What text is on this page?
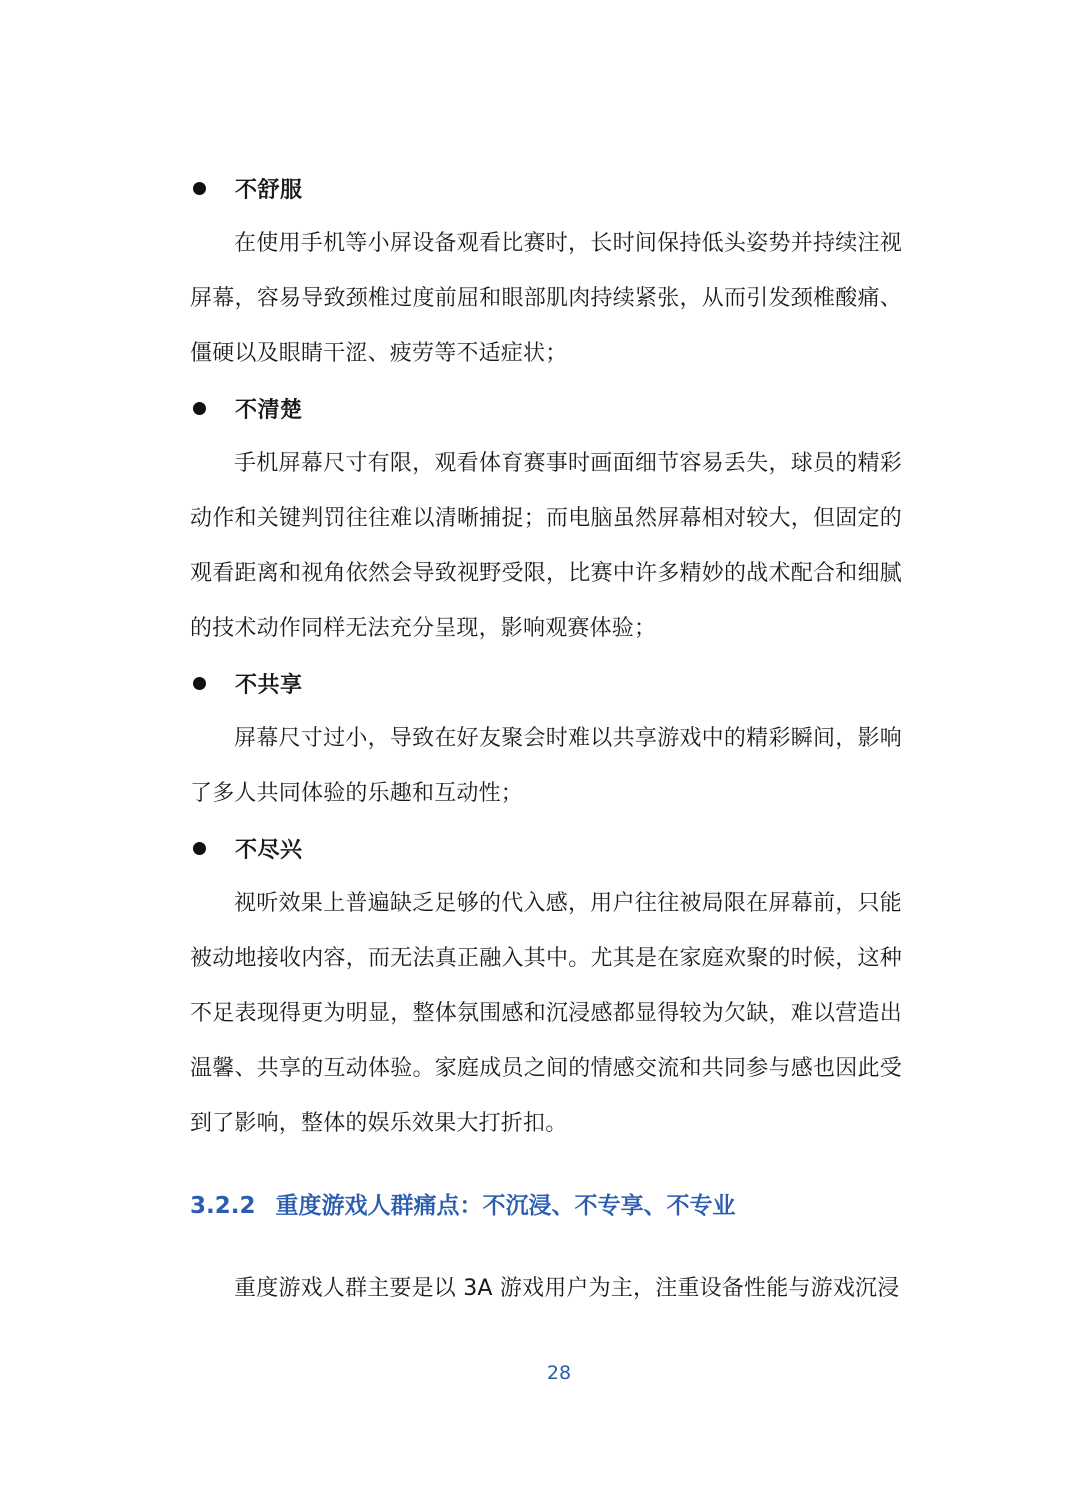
不舒服

在使用手机等小屏设备观看比赛时，长时间保持低头姿势并持续注视屏幕，容易导致颈椎过度前屈和眼部肌肉持续紧张，从而引发颈椎酸痛、僵硬以及眼睛干涩、疲劳等不适症状；

不清楚

手机屏幕尺寸有限，观看体育赛事时画面细节容易丢失，球员的精彩动作和关键判罚往往难以清晰捕捉；而电脑虽然屏幕相对较大，但固定的观看距离和视角依然会导致视野受限，比赛中许多精妙的战术配合和细腻的技术动作同样无法充分呈现，影响观赛体验；

不共享

屏幕尺寸过小，导致在好友聚会时难以共享游戏中的精彩瞬间，影响了多人共同体验的乐趣和互动性；

不尽兴

视听效果上普遍缺乏足够的代入感，用户往往被局限在屏幕前，只能被动地接收内容，而无法真正融入其中。尤其是在家庭欢聚的时候，这种不足表现得更为明显，整体氛围感和沉浸感都显得较为欠缺，难以营造出温馨、共享的互动体验。家庭成员之间的情感交流和共同参与感也因此受到了影响，整体的娱乐效果大打折扣。

3.2.2 重度游戏人群痛点：不沉浸、不专享、不专业

重度游戏人群主要是以 3A 游戏用户为主，注重设备性能与游戏沉浸

28
